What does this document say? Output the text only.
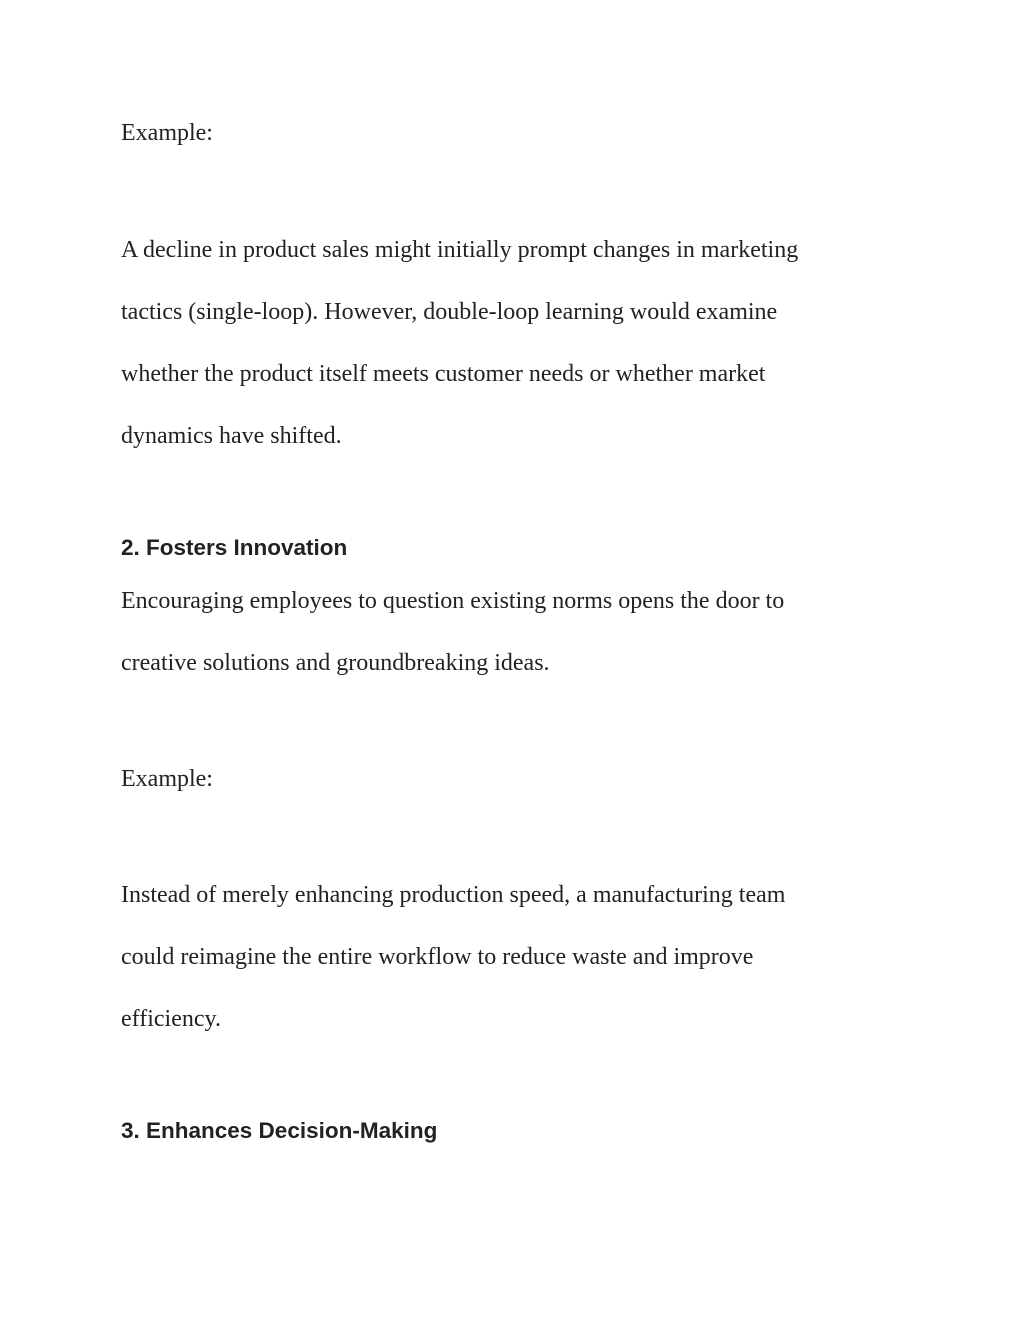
Example:

A decline in product sales might initially prompt changes in marketing

tactics (single-loop). However, double-loop learning would examine

whether the product itself meets customer needs or whether market

dynamics have shifted.

2. Fosters Innovation

Encouraging employees to question existing norms opens the door to

creative solutions and groundbreaking ideas.

Example:

Instead of merely enhancing production speed, a manufacturing team

could reimagine the entire workflow to reduce waste and improve

efficiency.

3. Enhances Decision-Making
